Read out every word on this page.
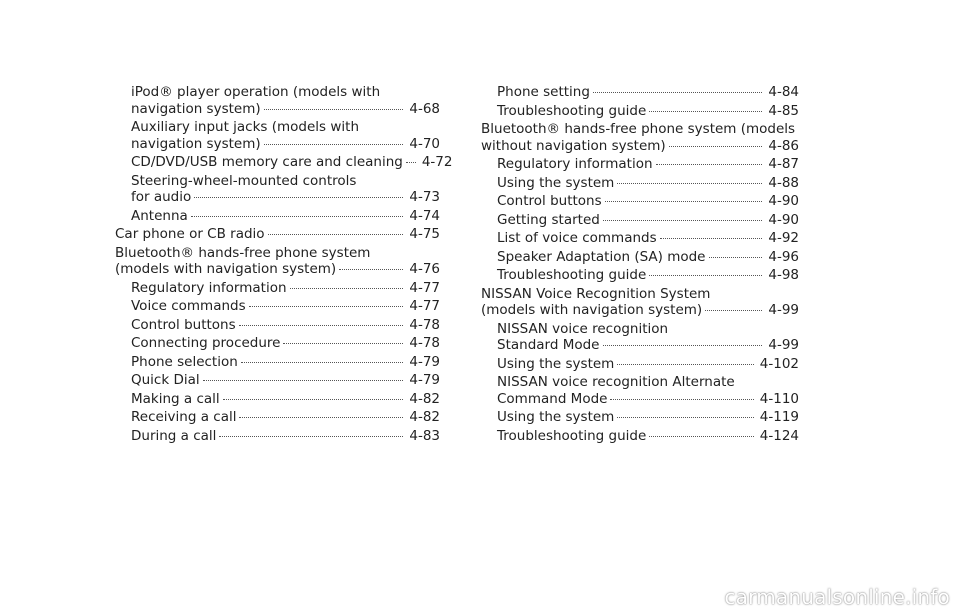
iPod® player operation (models with
navigation system)	4-68
Auxiliary input jacks (models with
navigation system)	4-70
CD/DVD/USB memory care and cleaning 4-72
Steering-wheel-mounted controls
for audio	4-73
Antenna	4-74
Car phone or CB radio	4-75
Bluetooth® hands-free phone system
(models with navigation system)	4-76
Regulatory information	4-77
Voice commands	4-77
Control buttons	4-78
Connecting procedure	4-78
Phone selection	4-79
Quick Dial	4-79
Making a call	4-82
Receiving a call	4-82
During a call	4-83
Phone setting	4-84
Troubleshooting guide	4-85
Bluetooth® hands-free phone system (models
without navigation system)	4-86
Regulatory information	4-87
Using the system	4-88
Control buttons	4-90
Getting started	4-90
List of voice commands	4-92
Speaker Adaptation (SA) mode	4-96
Troubleshooting guide	4-98
NISSAN Voice Recognition System
(models with navigation system)	4-99
NISSAN voice recognition
Standard Mode	4-99
Using the system	4-102
NISSAN voice recognition Alternate
Command Mode	4-110
Using the system	4-119
Troubleshooting guide	4-124
carmanualsonline.info
